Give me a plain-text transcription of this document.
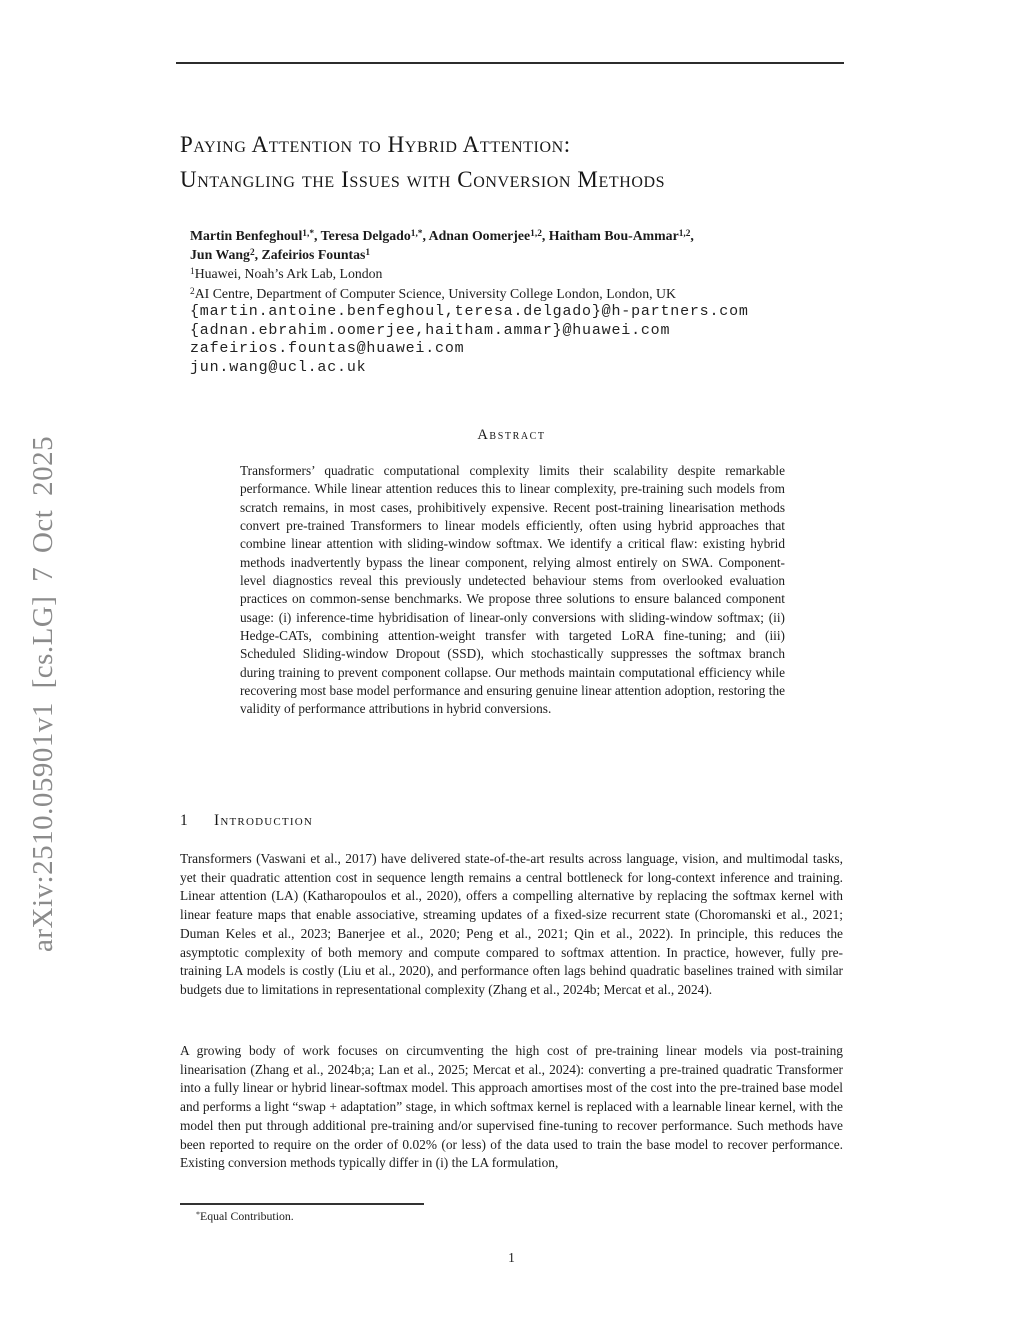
arXiv:2510.05901v1 [cs.LG] 7 Oct 2025
Paying Attention to Hybrid Attention:
Untangling the Issues with Conversion Methods
Martin Benfeghoul$^{1,*}$, Teresa Delgado$^{1,*}$, Adnan Oomerjee$^{1,2}$, Haitham Bou-Ammar$^{1,2}$,
Jun Wang$^2$, Zafeirios Fountas$^1$
$^1$Huawei, Noah’s Ark Lab, London
$^2$AI Centre, Department of Computer Science, University College London, London, UK
{martin.antoine.benfeghoul,teresa.delgado}@h-partners.com
{adnan.ebrahim.oomerjee,haitham.ammar}@huawei.com
zafeirios.fountas@huawei.com
jun.wang@ucl.ac.uk
Abstract

Transformers’ quadratic computational complexity limits their scalability despite remarkable performance. While linear attention reduces this to linear complexity, pre-training such models from scratch remains, in most cases, prohibitively expensive. Recent post-training linearisation methods convert pre-trained Transformers to linear models efficiently, often using hybrid approaches that combine linear attention with sliding-window softmax. We identify a critical flaw: existing hybrid methods inadvertently bypass the linear component, relying almost entirely on SWA. Component-level diagnostics reveal this previously undetected behaviour stems from overlooked evaluation practices on common-sense benchmarks. We propose three solutions to ensure balanced component usage: (i) inference-time hybridisation of linear-only conversions with sliding-window softmax; (ii) Hedge-CATs, combining attention-weight transfer with targeted LoRA fine-tuning; and (iii) Scheduled Sliding-window Dropout (SSD), which stochastically suppresses the softmax branch during training to prevent component collapse. Our methods maintain computational efficiency while recovering most base model performance and ensuring genuine linear attention adoption, restoring the validity of performance attributions in hybrid conversions.

1 Introduction

Transformers (Vaswani et al., 2017) have delivered state-of-the-art results across language, vision, and multimodal tasks, yet their quadratic attention cost in sequence length remains a central bottleneck for long-context inference and training. Linear attention (LA) (Katharopoulos et al., 2020), offers a compelling alternative by replacing the softmax kernel with linear feature maps that enable associative, streaming updates of a fixed-size recurrent state (Choromanski et al., 2021; Duman Keles et al., 2023; Banerjee et al., 2020; Peng et al., 2021; Qin et al., 2022). In principle, this reduces the asymptotic complexity of both memory and compute compared to softmax attention. In practice, however, fully pre-training LA models is costly (Liu et al., 2020), and performance often lags behind quadratic baselines trained with similar budgets due to limitations in representational complexity (Zhang et al., 2024b; Mercat et al., 2024).

A growing body of work focuses on circumventing the high cost of pre-training linear models via post-training linearisation (Zhang et al., 2024b;a; Lan et al., 2025; Mercat et al., 2024): converting a pre-trained quadratic Transformer into a fully linear or hybrid linear-softmax model. This approach amortises most of the cost into the pre-trained base model and performs a light “swap + adaptation” stage, in which softmax kernel is replaced with a learnable linear kernel, with the model then put through additional pre-training and/or supervised fine-tuning to recover performance. Such methods have been reported to require on the order of 0.02% (or less) of the data used to train the base model to recover performance. Existing conversion methods typically differ in (i) the LA formulation,

*Equal Contribution.
1
